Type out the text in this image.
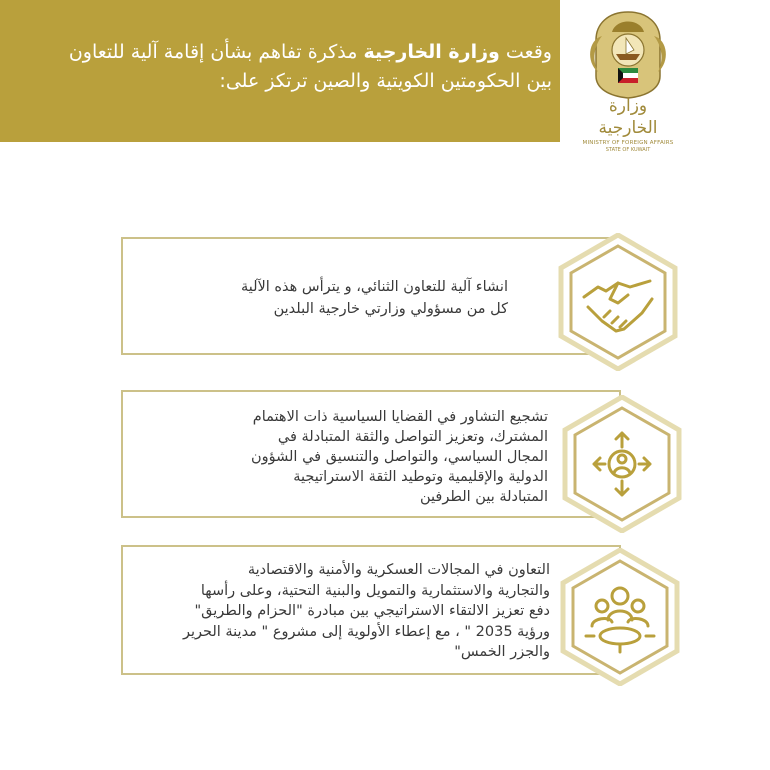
وقعت وزارة الخارجية مذكرة تفاهم بشأن إقامة آلية للتعاون
بين الحكومتين الكويتية والصين ترتكز على:

وزارة الخارجية
MINISTRY OF FOREIGN AFFAIRS
STATE OF KUWAIT

انشاء آلية للتعاون الثنائي، و يترأس هذه الآلية
كل من مسؤولي وزارتي خارجية البلدين

تشجيع التشاور في القضايا السياسية ذات الاهتمام
المشترك، وتعزيز التواصل والثقة المتبادلة في
المجال السياسي، والتواصل والتنسيق في الشؤون
الدولية والإقليمية وتوطيد الثقة الاستراتيجية
المتبادلة بين الطرفين

التعاون في المجالات العسكرية والأمنية والاقتصادية
والتجارية والاستثمارية والتمويل والبنية التحتية، وعلى رأسها
دفع تعزيز الالتقاء الاستراتيجي بين مبادرة "الحزام والطريق"
ورؤية 2035 " ، مع إعطاء الأولوية إلى مشروع " مدينة الحرير
والجزر الخمس"
